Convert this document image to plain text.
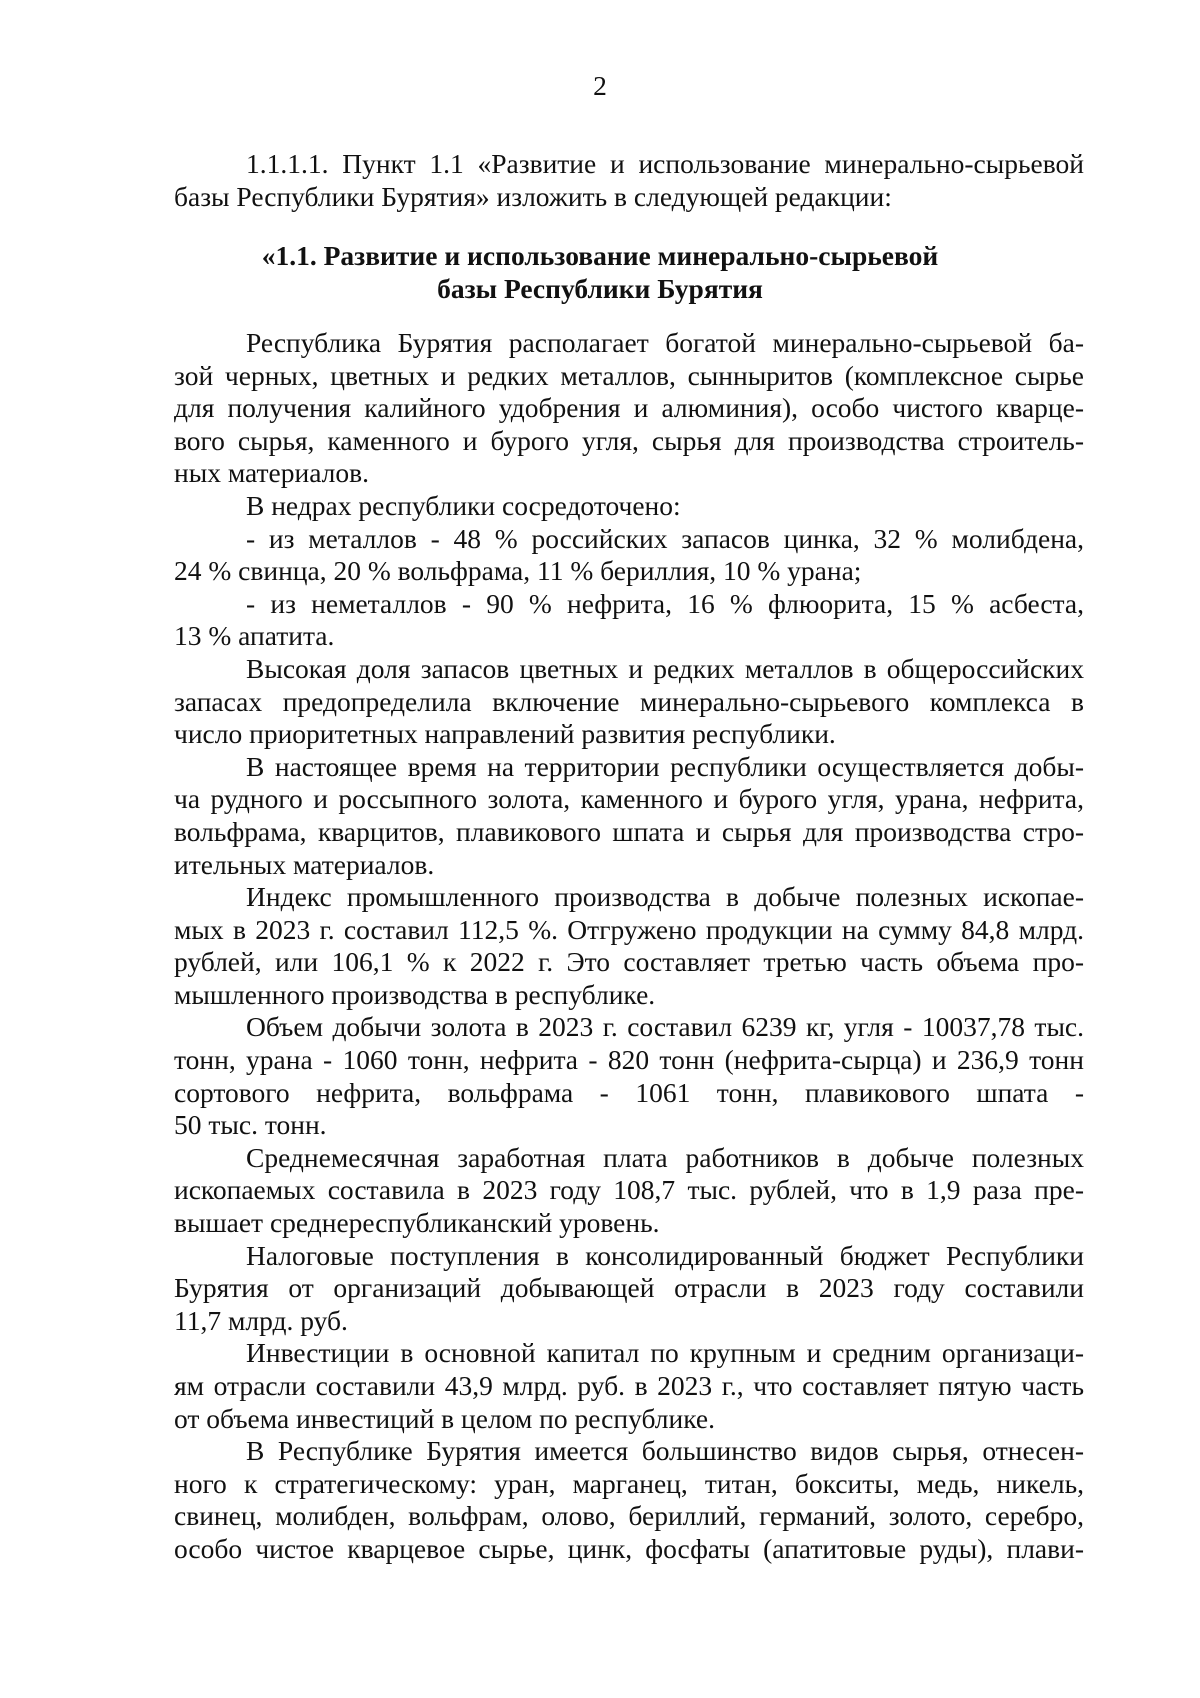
2
1.1.1.1. Пункт 1.1 «Развитие и использование минерально-сырьевой
базы Республики Бурятия» изложить в следующей редакции:
«1.1. Развитие и использование минерально-сырьевой
базы Республики Бурятия
Республика Бурятия располагает богатой минерально-сырьевой ба-
зой черных, цветных и редких металлов, сынныритов (комплексное сырье
для получения калийного удобрения и алюминия), особо чистого кварце-
вого сырья, каменного и бурого угля, сырья для производства строитель-
ных материалов.
В недрах республики сосредоточено:
- из металлов - 48 % российских запасов цинка, 32 % молибдена,
24 % свинца, 20 % вольфрама, 11 % бериллия, 10 % урана;
- из неметаллов - 90 % нефрита, 16 % флюорита, 15 % асбеста,
13 % апатита.
Высокая доля запасов цветных и редких металлов в общероссийских
запасах предопределила включение минерально-сырьевого комплекса в
число приоритетных направлений развития республики.
В настоящее время на территории республики осуществляется добы-
ча рудного и россыпного золота, каменного и бурого угля, урана, нефрита,
вольфрама, кварцитов, плавикового шпата и сырья для производства стро-
ительных материалов.
Индекс промышленного производства в добыче полезных ископае-
мых в 2023 г. составил 112,5 %. Отгружено продукции на сумму 84,8 млрд.
рублей, или 106,1 % к 2022 г. Это составляет третью часть объема про-
мышленного производства в республике.
Объем добычи золота в 2023 г. составил 6239 кг, угля - 10037,78 тыс.
тонн, урана - 1060 тонн, нефрита - 820 тонн (нефрита-сырца) и 236,9 тонн
сортового нефрита, вольфрама - 1061 тонн, плавикового шпата -
50 тыс. тонн.
Среднемесячная заработная плата работников в добыче полезных
ископаемых составила в 2023 году 108,7 тыс. рублей, что в 1,9 раза пре-
вышает среднереспубликанский уровень.
Налоговые поступления в консолидированный бюджет Республики
Бурятия от организаций добывающей отрасли в 2023 году составили
11,7 млрд. руб.
Инвестиции в основной капитал по крупным и средним организаци-
ям отрасли составили 43,9 млрд. руб. в 2023 г., что составляет пятую часть
от объема инвестиций в целом по республике.
В Республике Бурятия имеется большинство видов сырья, отнесен-
ного к стратегическому: уран, марганец, титан, бокситы, медь, никель,
свинец, молибден, вольфрам, олово, бериллий, германий, золото, серебро,
особо чистое кварцевое сырье, цинк, фосфаты (апатитовые руды), плави-
